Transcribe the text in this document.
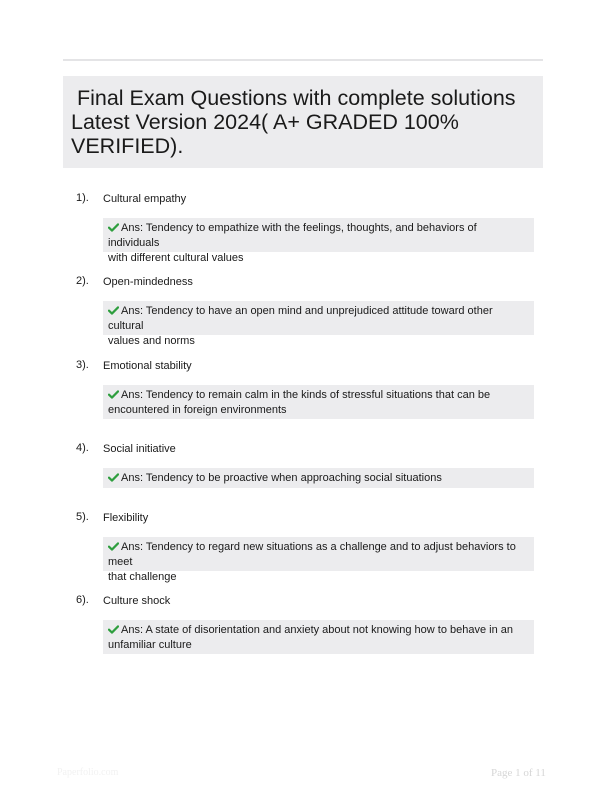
Final Exam Questions with complete solutions
Latest Version 2024( A+ GRADED 100%
VERIFIED).
1). Cultural empathy
Ans: Tendency to empathize with the feelings, thoughts, and behaviors of individuals
with different cultural values
2). Open-mindedness
Ans: Tendency to have an open mind and unprejudiced attitude toward other cultural
values and norms
3). Emotional stability
Ans: Tendency to remain calm in the kinds of stressful situations that can be
encountered in foreign environments
4). Social initiative
Ans: Tendency to be proactive when approaching social situations
5). Flexibility
Ans: Tendency to regard new situations as a challenge and to adjust behaviors to meet
that challenge
6). Culture shock
Ans: A state of disorientation and anxiety about not knowing how to behave in an
unfamiliar culture
Paperfolio.com	Page 1 of 11
